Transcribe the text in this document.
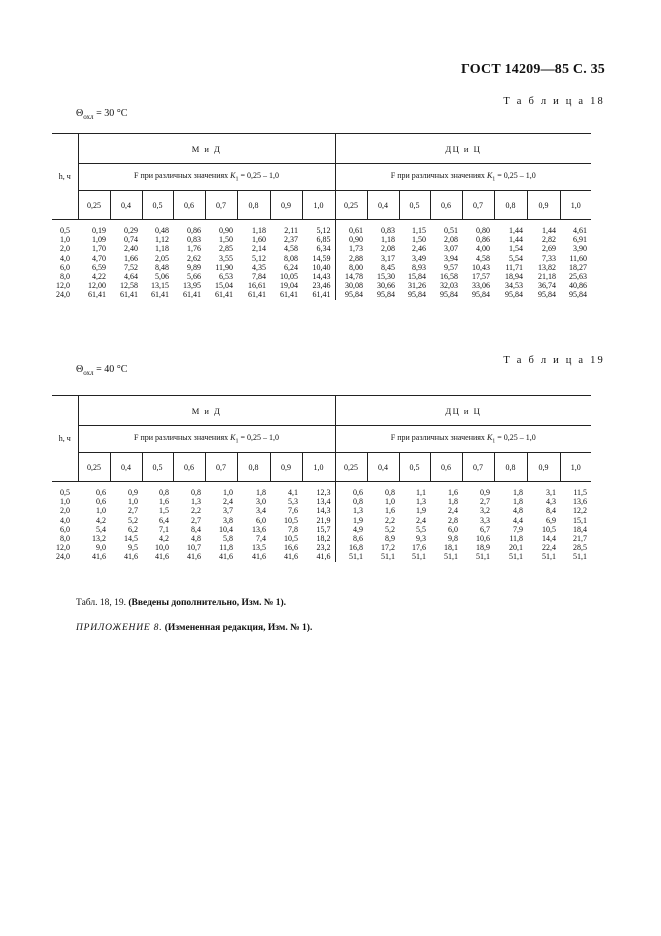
ГОСТ 14209—85 С. 35
Т а б л и ц а 18
$\Theta_{охл} = 30$ °С
h, ч	М и Д								ДЦ и Ц							
	F при различных значениях $K_1 = 0,25 - 1,0$								F при различных значениях $K_1 = 0,25 - 1,0$							
	0,25	0,4	0,5	0,6	0,7	0,8	0,9	1,0	0,25	0,4	0,5	0,6	0,7	0,8	0,9	1,0
0,5	0,19	0,29	0,48	0,86	0,90	1,18	2,11	5,12	0,61	0,83	1,15	0,51	0,80	1,44	1,44	4,61
1,0	1,09	0,74	1,12	0,83	1,50	1,60	2,37	6,85	0,90	1,18	1,50	2,08	0,86	1,44	2,82	6,91
2,0	1,70	2,40	1,18	1,76	2,85	2,14	4,58	6,34	1,73	2,08	2,46	3,07	4,00	1,54	2,69	3,90
4,0	4,70	1,66	2,05	2,62	3,55	5,12	8,08	14,59	2,88	3,17	3,49	3,94	4,58	5,54	7,33	11,60
6,0	6,59	7,52	8,48	9,89	11,90	4,35	6,24	10,40	8,00	8,45	8,93	9,57	10,43	11,71	13,82	18,27
8,0	4,22	4,64	5,06	5,66	6,53	7,84	10,05	14,43	14,78	15,30	15,84	16,58	17,57	18,94	21,18	25,63
12,0	12,00	12,58	13,15	13,95	15,04	16,61	19,04	23,46	30,08	30,66	31,26	32,03	33,06	34,53	36,74	40,86
24,0	61,41	61,41	61,41	61,41	61,41	61,41	61,41	61,41	95,84	95,84	95,84	95,84	95,84	95,84	95,84	95,84
Т а б л и ц а 19
$\Theta_{охл} = 40$ °С
h, ч	М и Д								ДЦ и Ц							
	F при различных значениях $K_1 = 0,25 - 1,0$								F при различных значениях $K_1 = 0,25 - 1,0$							
	0,25	0,4	0,5	0,6	0,7	0,8	0,9	1,0	0,25	0,4	0,5	0,6	0,7	0,8	0,9	1,0
0,5	0,6	0,9	0,8	0,8	1,0	1,8	4,1	12,3	0,6	0,8	1,1	1,6	0,9	1,8	3,1	11,5
1,0	0,6	1,0	1,6	1,3	2,4	3,0	5,3	13,4	0,8	1,0	1,3	1,8	2,7	1,8	4,3	13,6
2,0	1,0	2,7	1,5	2,2	3,7	3,4	7,6	14,3	1,3	1,6	1,9	2,4	3,2	4,8	8,4	12,2
4,0	4,2	5,2	6,4	2,7	3,8	6,0	10,5	21,9	1,9	2,2	2,4	2,8	3,3	4,4	6,9	15,1
6,0	5,4	6,2	7,1	8,4	10,4	13,6	7,8	15,7	4,9	5,2	5,5	6,0	6,7	7,9	10,5	18,4
8,0	13,2	14,5	4,2	4,8	5,8	7,4	10,5	18,2	8,6	8,9	9,3	9,8	10,6	11,8	14,4	21,7
12,0	9,0	9,5	10,0	10,7	11,8	13,5	16,6	23,2	16,8	17,2	17,6	18,1	18,9	20,1	22,4	28,5
24,0	41,6	41,6	41,6	41,6	41,6	41,6	41,6	41,6	51,1	51,1	51,1	51,1	51,1	51,1	51,1	51,1
Табл. 18, 19. (Введены дополнительно, Изм. № 1).
ПРИЛОЖЕНИЕ 8. (Измененная редакция, Изм. № 1).
